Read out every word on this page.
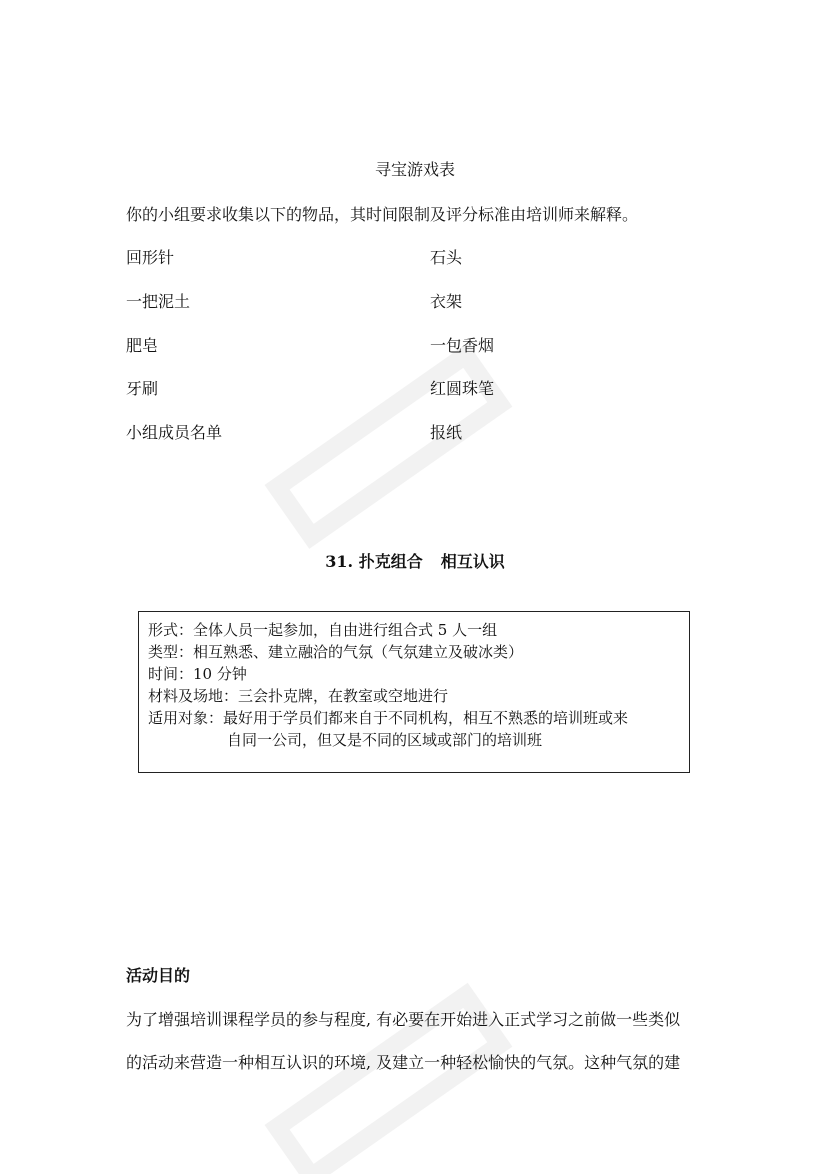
寻宝游戏表
你的小组要求收集以下的物品，其时间限制及评分标准由培训师来解释。
回形针	石头
一把泥土	衣架
肥皂	一包香烟
牙刷	红圆珠笔
小组成员名单	报纸
31. 扑克组合 相互认识
形式：全体人员一起参加，自由进行组合式 5 人一组
类型：相互熟悉、建立融洽的气氛（气氛建立及破冰类）
时间：10 分钟
材料及场地：三会扑克牌，在教室或空地进行
适用对象：最好用于学员们都来自于不同机构，相互不熟悉的培训班或来
自同一公司，但又是不同的区域或部门的培训班
活动目的
为了增强培训课程学员的参与程度, 有必要在开始进入正式学习之前做一些类似
的活动来营造一种相互认识的环境, 及建立一种轻松愉快的气氛。这种气氛的建
